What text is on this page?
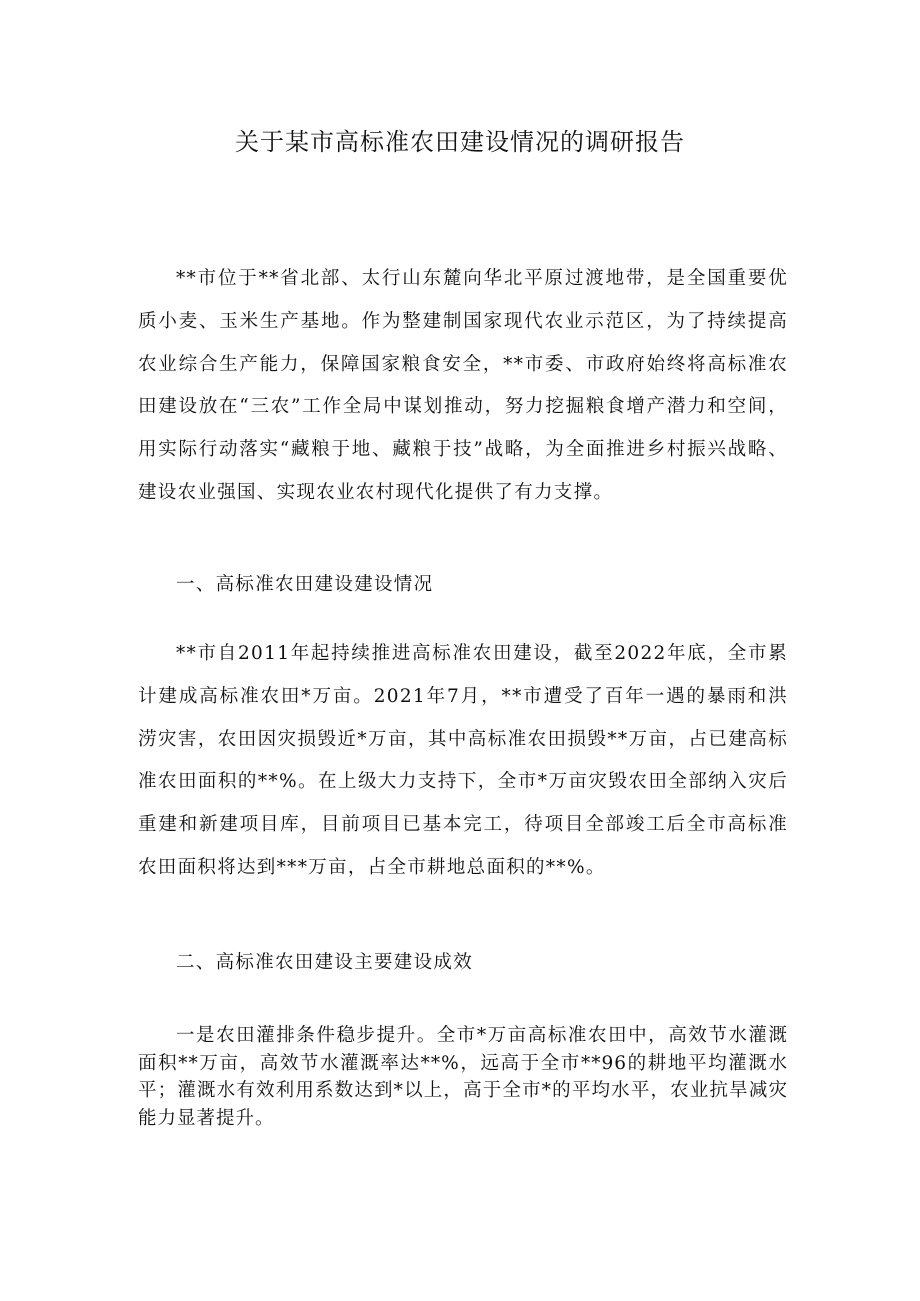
关于某市高标准农田建设情况的调研报告

**市位于**省北部、太行山东麓向华北平原过渡地带，是全国重要优质小麦、玉米生产基地。作为整建制国家现代农业示范区，为了持续提高农业综合生产能力，保障国家粮食安全，**市委、市政府始终将高标准农田建设放在“三农”工作全局中谋划推动，努力挖掘粮食增产潜力和空间，用实际行动落实“藏粮于地、藏粮于技”战略，为全面推进乡村振兴战略、建设农业强国、实现农业农村现代化提供了有力支撑。

一、高标准农田建设建设情况

**市自2011年起持续推进高标准农田建设，截至2022年底，全市累计建成高标准农田*万亩。2021年7月，**市遭受了百年一遇的暴雨和洪涝灾害，农田因灾损毁近*万亩，其中高标准农田损毁**万亩，占已建高标准农田面积的**%。在上级大力支持下，全市*万亩灾毁农田全部纳入灾后重建和新建项目库，目前项目已基本完工，待项目全部竣工后全市高标准农田面积将达到***万亩，占全市耕地总面积的**%。

二、高标准农田建设主要建设成效

一是农田灌排条件稳步提升。全市*万亩高标准农田中，高效节水灌溉面积**万亩，高效节水灌溉率达**%，远高于全市**96的耕地平均灌溉水平；灌溉水有效利用系数达到*以上，高于全市*的平均水平，农业抗旱减灾能力显著提升。
